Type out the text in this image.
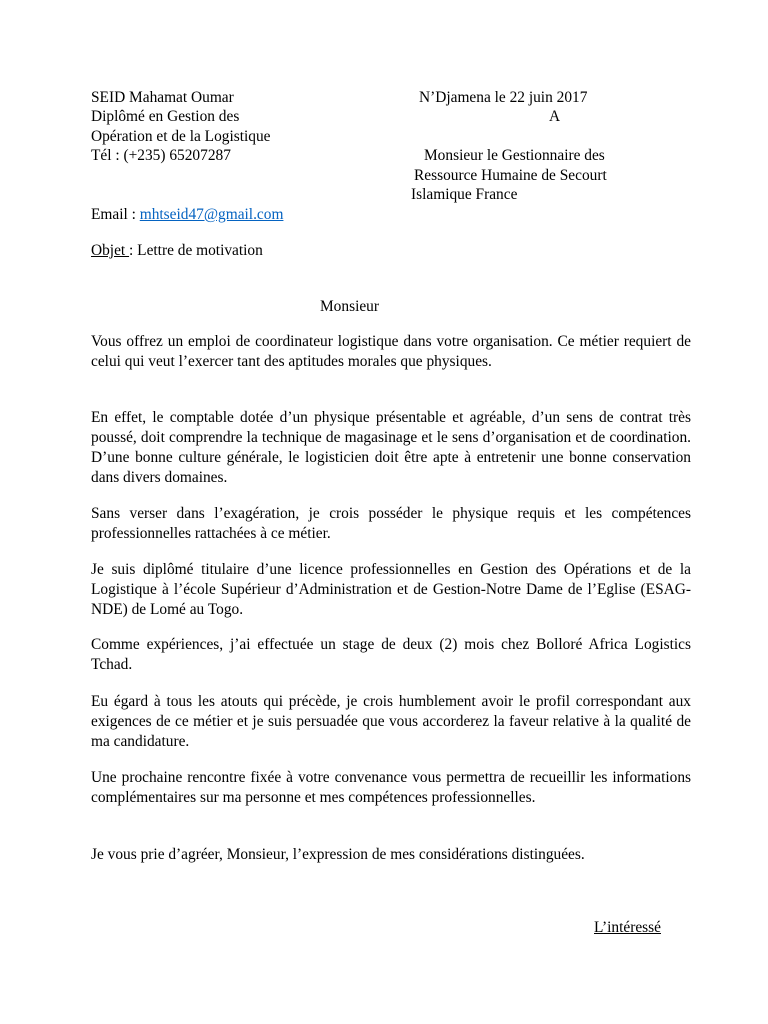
SEID Mahamat Oumar
Diplômé en Gestion des
Opération et de la Logistique
Tél : (+235) 65207287
N’Djamena le 22 juin 2017
A
Monsieur le Gestionnaire des
Ressource Humaine de Secourt
Islamique France
Email : mhtseid47@gmail.com
Objet : Lettre de motivation
Monsieur

Vous offrez un emploi de coordinateur logistique dans votre organisation. Ce métier requiert de celui qui veut l’exercer tant des aptitudes morales que physiques.

En effet, le comptable dotée d’un physique présentable et agréable, d’un sens de contrat très poussé, doit comprendre la technique de magasinage et le sens d’organisation et de coordination. D’une bonne culture générale, le logisticien doit être apte à entretenir une bonne conservation dans divers domaines.

Sans verser dans l’exagération, je crois posséder le physique requis et les compétences professionnelles rattachées à ce métier.

Je suis diplômé titulaire d’une licence professionnelles en Gestion des Opérations et de la Logistique à l’école Supérieur d’Administration et de Gestion-Notre Dame de l’Eglise (ESAG-NDE) de Lomé au Togo.

Comme expériences, j’ai effectuée un stage de deux (2) mois chez Bolloré Africa Logistics Tchad.

Eu égard à tous les atouts qui précède, je crois humblement avoir le profil correspondant aux exigences de ce métier et je suis persuadée que vous accorderez la faveur relative à la qualité de ma candidature.

Une prochaine rencontre fixée à votre convenance vous permettra de recueillir les informations complémentaires sur ma personne et mes compétences professionnelles.

Je vous prie d’agréer, Monsieur, l’expression de mes considérations distinguées.

L’intéressé
